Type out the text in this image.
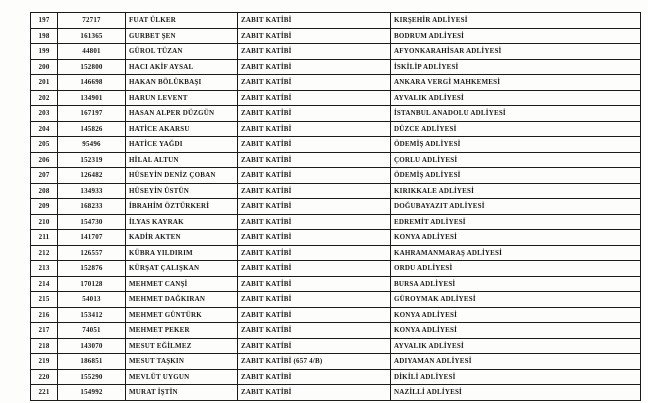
197	72717	FUAT ÜLKER	ZABIT KATİBİ	KIRŞEHİR ADLİYESİ
198	161365	GURBET ŞEN	ZABIT KATİBİ	BODRUM ADLİYESİ
199	44801	GÜROL TÜZAN	ZABIT KATİBİ	AFYONKARAHİSAR ADLİYESİ
200	152800	HACI AKİF AYSAL	ZABIT KATİBİ	İSKİLİP ADLİYESİ
201	146698	HAKAN BÖLÜKBAŞI	ZABIT KATİBİ	ANKARA VERGİ MAHKEMESİ
202	134901	HARUN LEVENT	ZABIT KATİBİ	AYVALIK ADLİYESİ
203	167197	HASAN ALPER DÜZGÜN	ZABIT KATİBİ	İSTANBUL ANADOLU ADLİYESİ
204	145826	HATİCE AKARSU	ZABIT KATİBİ	DÜZCE ADLİYESİ
205	95496	HATİCE YAĞDI	ZABIT KATİBİ	ÖDEMİŞ ADLİYESİ
206	152319	HİLAL ALTUN	ZABIT KATİBİ	ÇORLU ADLİYESİ
207	126482	HÜSEYİN DENİZ ÇOBAN	ZABIT KATİBİ	ÖDEMİŞ ADLİYESİ
208	134933	HÜSEYİN ÜSTÜN	ZABIT KATİBİ	KIRIKKALE ADLİYESİ
209	168233	İBRAHİM ÖZTÜRKERİ	ZABIT KATİBİ	DOĞUBAYAZIT ADLİYESİ
210	154730	İLYAS KAYRAK	ZABIT KATİBİ	EDREMİT ADLİYESİ
211	141707	KADİR AKTEN	ZABIT KATİBİ	KONYA ADLİYESİ
212	126557	KÜBRA YILDIRIM	ZABIT KATİBİ	KAHRAMANMARAŞ ADLİYESİ
213	152876	KÜRŞAT ÇALIŞKAN	ZABIT KATİBİ	ORDU ADLİYESİ
214	170128	MEHMET CANŞİ	ZABIT KATİBİ	BURSA ADLİYESİ
215	54013	MEHMET DAĞKIRAN	ZABIT KATİBİ	GÜROYMAK ADLİYESİ
216	153412	MEHMET GÜNTÜRK	ZABIT KATİBİ	KONYA ADLİYESİ
217	74051	MEHMET PEKER	ZABIT KATİBİ	KONYA ADLİYESİ
218	143070	MESUT EĞİLMEZ	ZABIT KATİBİ	AYVALIK ADLİYESİ
219	186851	MESUT TAŞKIN	ZABIT KATİBİ (657 4/B)	ADIYAMAN ADLİYESİ
220	155290	MEVLÜT UYGUN	ZABIT KATİBİ	DİKİLİ ADLİYESİ
221	154992	MURAT İŞTİN	ZABIT KATİBİ	NAZİLLİ ADLİYESİ
